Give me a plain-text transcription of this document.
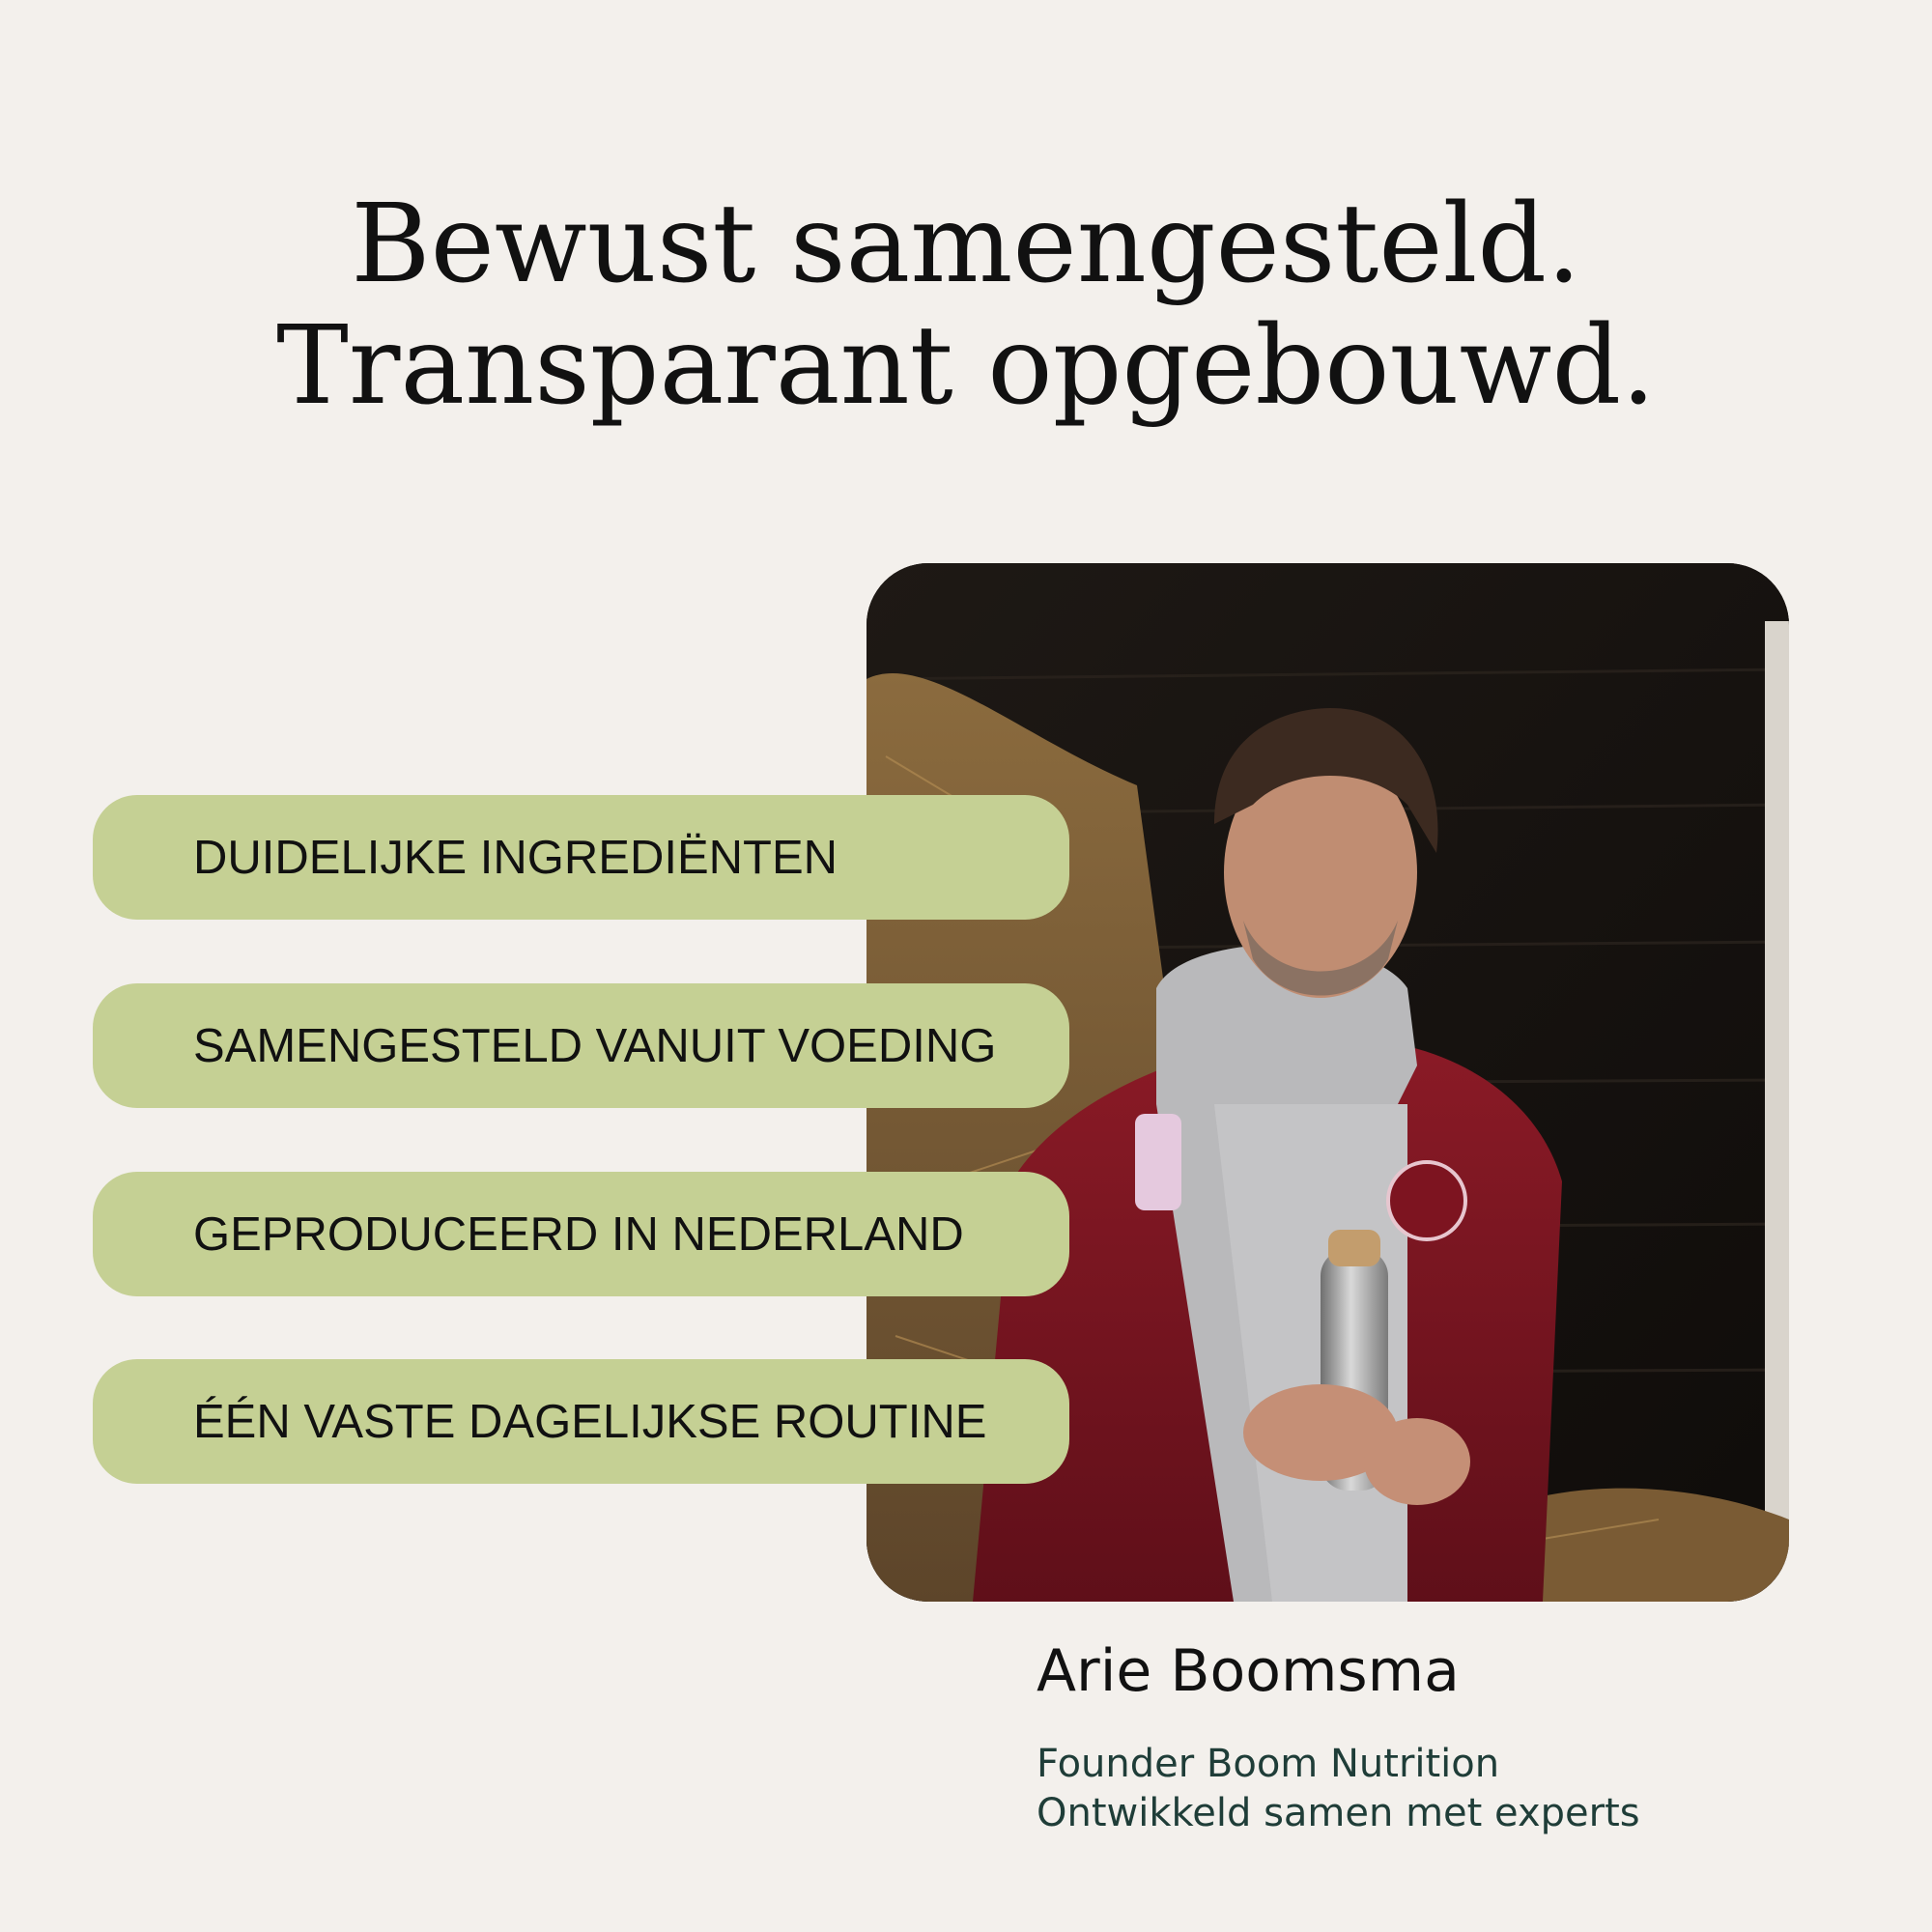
Bewust samengesteld.
Transparant opgebouwd.
DUIDELIJKE INGREDIËNTEN
SAMENGESTELD VANUIT VOEDING
GEPRODUCEERD IN NEDERLAND
ÉÉN VASTE DAGELIJKSE ROUTINE
Arie Boomsma
Founder Boom Nutrition
Ontwikkeld samen met experts
